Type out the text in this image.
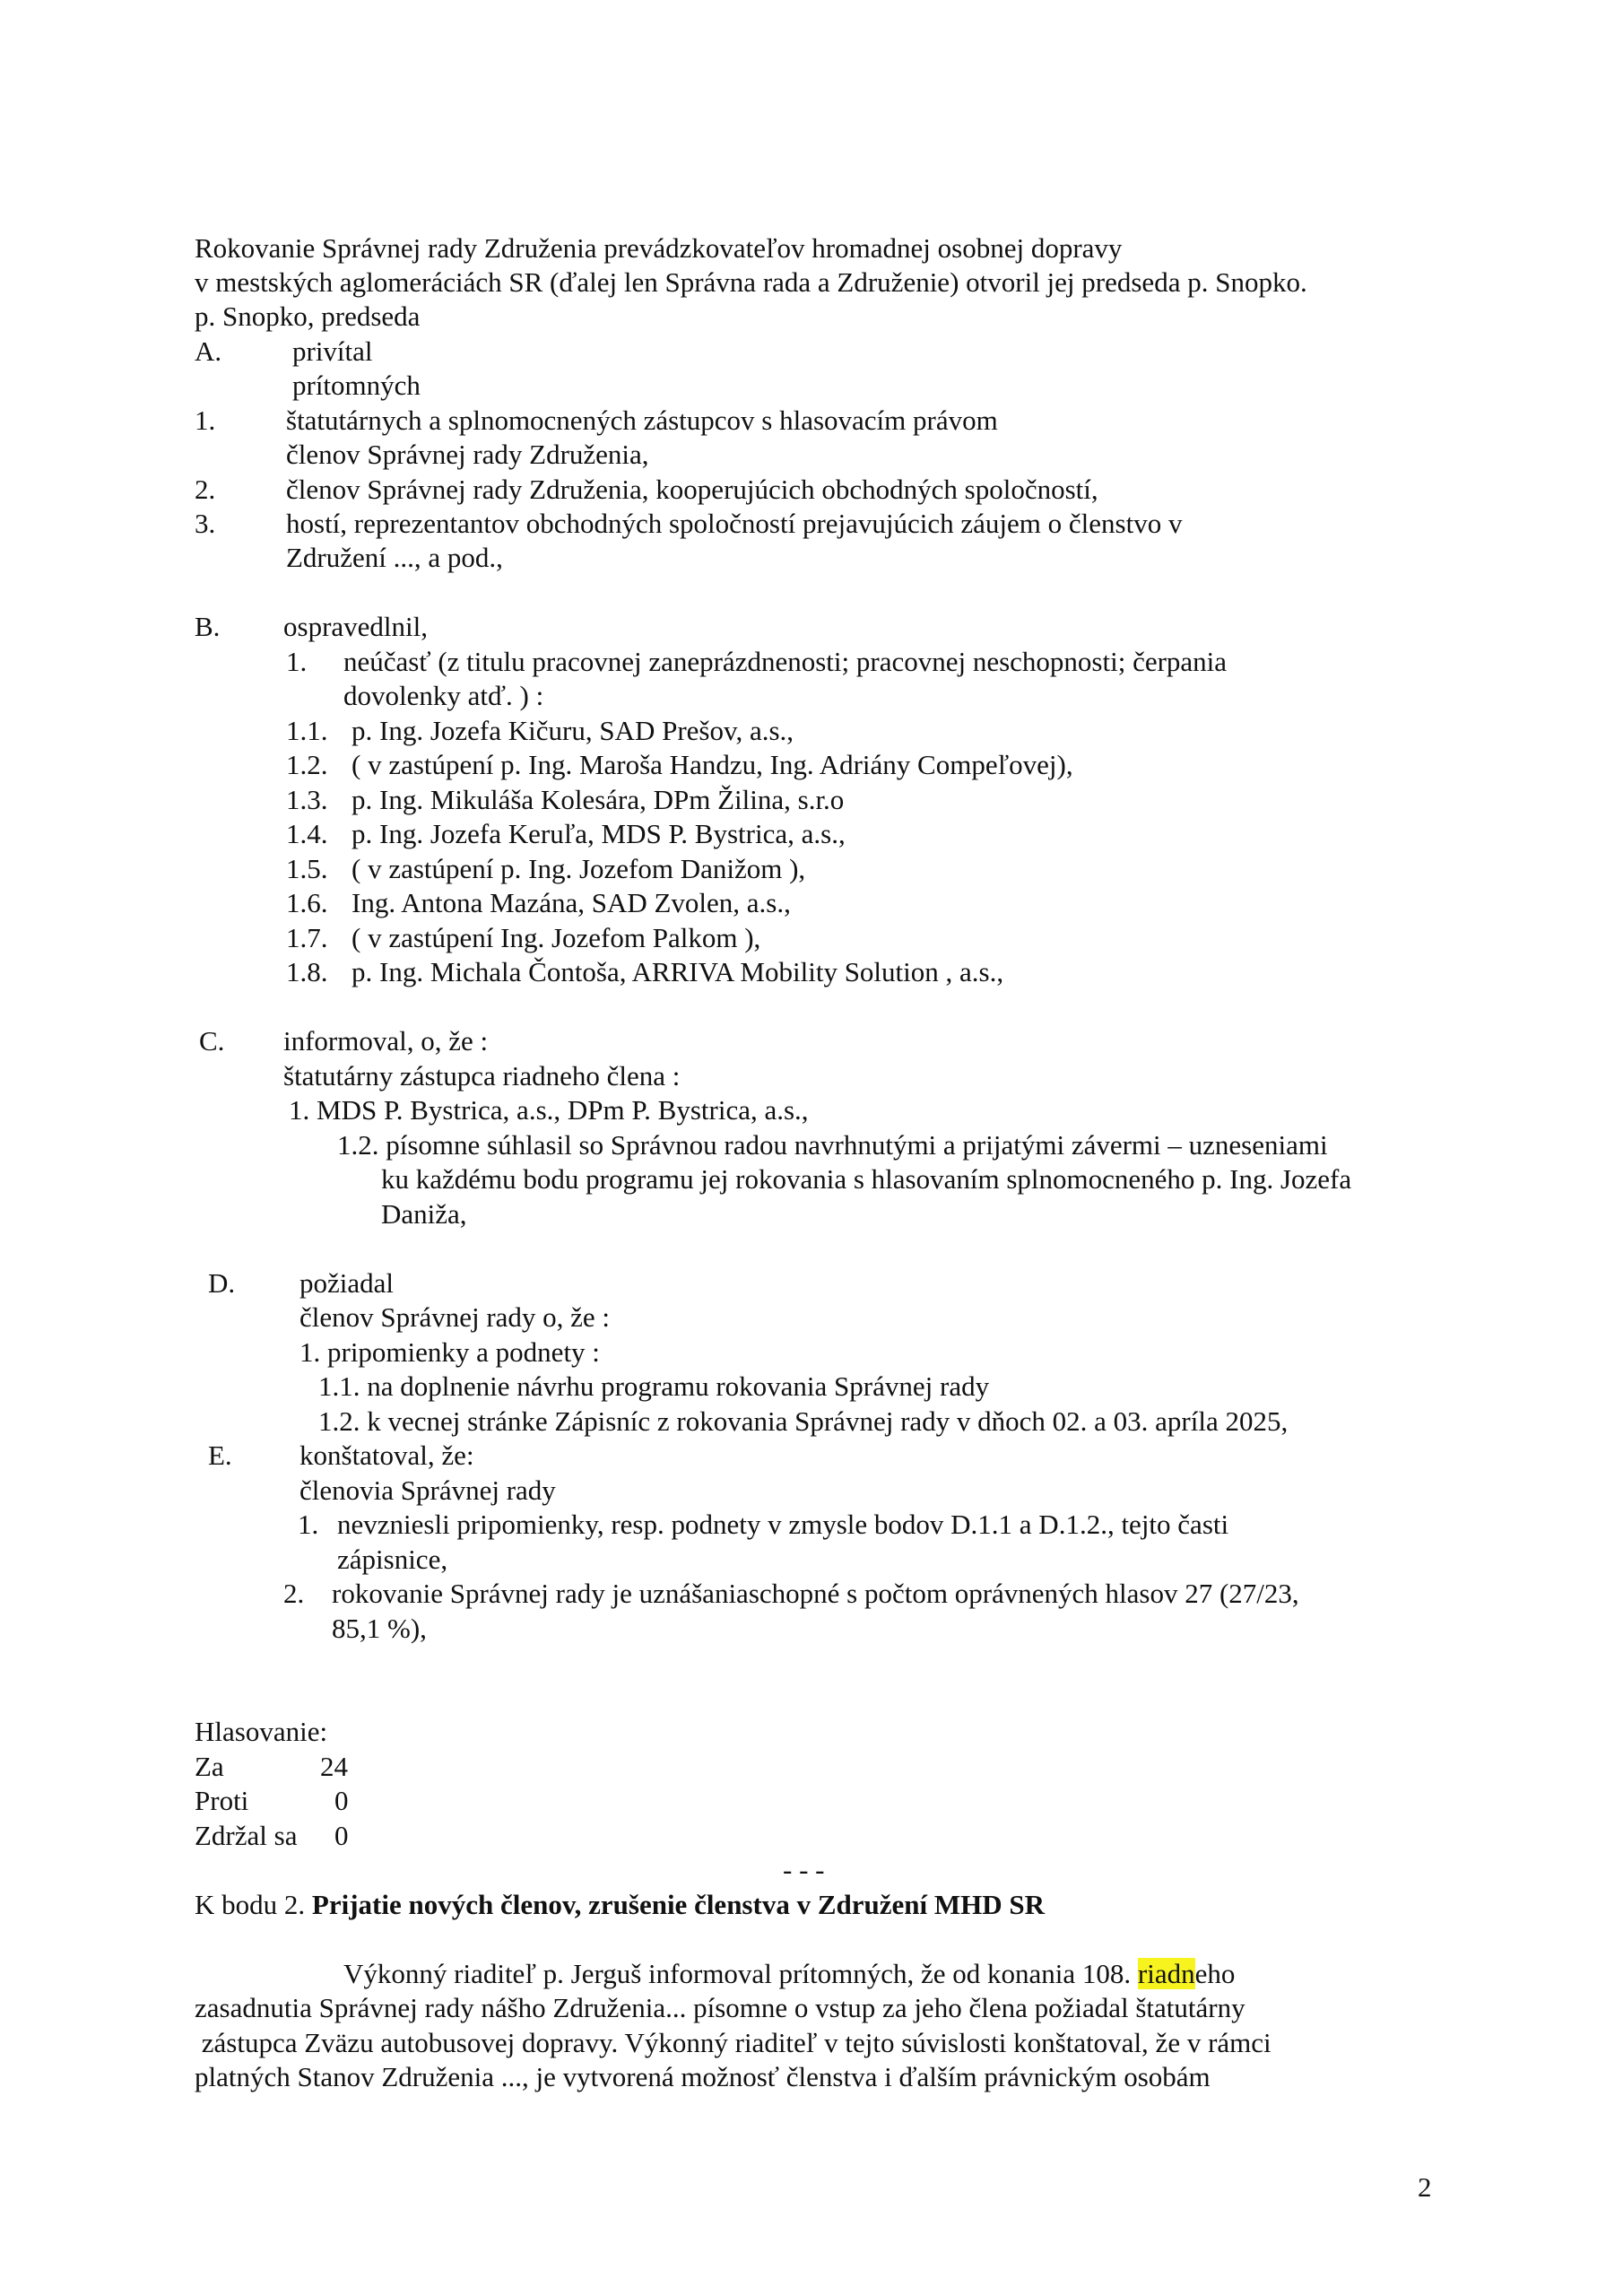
Rokovanie Správnej rady Združenia prevádzkovateľov hromadnej osobnej dopravy
v mestských aglomeráciách SR (ďalej len Správna rada a Združenie) otvoril jej predseda p. Snopko.
p. Snopko, predseda
A.	privítal
prítomných
1.	štatutárnych a splnomocnených zástupcov s hlasovacím právom
členov Správnej rady Združenia,
2.	členov Správnej rady Združenia, kooperujúcich obchodných spoločností,
3.	hostí, reprezentantov obchodných spoločností prejavujúcich záujem o členstvo v
Združení ..., a pod.,
B. ospravedlnil,
1. neúčasť (z titulu pracovnej zaneprázdnenosti; pracovnej neschopnosti; čerpania
dovolenky atď. ) :
1.1. p. Ing. Jozefa Kičuru, SAD Prešov, a.s.,
1.2. ( v zastúpení p. Ing. Maroša Handzu, Ing. Adriány Compeľovej),
1.3. p. Ing. Mikuláša Kolesára, DPm Žilina, s.r.o
1.4. p. Ing. Jozefa Keruľa, MDS P. Bystrica, a.s.,
1.5. ( v zastúpení p. Ing. Jozefom Danižom ),
1.6. Ing. Antona Mazána, SAD Zvolen, a.s.,
1.7. ( v zastúpení Ing. Jozefom Palkom ),
1.8. p. Ing. Michala Čontoša, ARRIVA Mobility Solution , a.s.,
C. informoval, o, že :
štatutárny zástupca riadneho člena :
1. MDS P. Bystrica, a.s., DPm P. Bystrica, a.s.,
1.2. písomne súhlasil so Správnou radou navrhnutými a prijatými závermi – uzneseniami
ku každému bodu programu jej rokovania s hlasovaním splnomocneného p. Ing. Jozefa
Daniža,
D. požiadal
členov Správnej rady o, že :
1. pripomienky a podnety :
1.1. na doplnenie návrhu programu rokovania Správnej rady
1.2. k vecnej stránke Zápisníc z rokovania Správnej rady v dňoch 02. a 03. apríla 2025,
E. konštatoval, že:
členovia Správnej rady
1. nevzniesli pripomienky, resp. podnety v zmysle bodov D.1.1 a D.1.2., tejto časti
zápisnice,
2. rokovanie Správnej rady je uznášaniaschopné s počtom oprávnených hlasov 27 (27/23,
85,1 %),
Hlasovanie:
Za	24
Proti	0
Zdržal sa 0
- - -
K bodu 2. Prijatie nových členov, zrušenie členstva v Združení MHD SR
Výkonný riaditeľ p. Jerguš informoval prítomných, že od konania 108. riadneho
zasadnutia Správnej rady nášho Združenia... písomne o vstup za jeho člena požiadal štatutárny
zástupca Zväzu autobusovej dopravy. Výkonný riaditeľ v tejto súvislosti konštatoval, že v rámci
platných Stanov Združenia ..., je vytvorená možnosť členstva i ďalším právnickým osobám
2
